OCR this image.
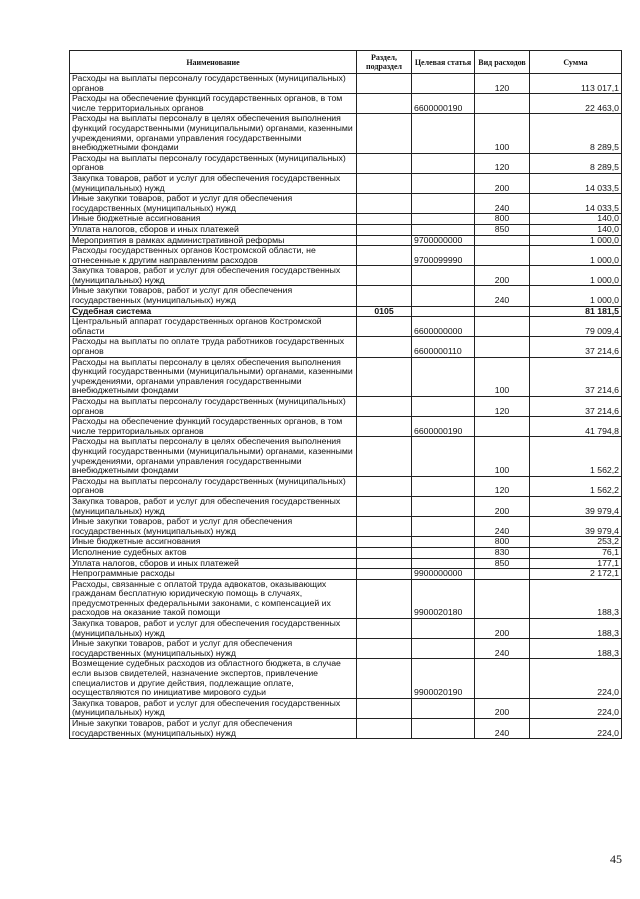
Наименование	Раздел, подраздел	Целевая статья	Вид расходов	Сумма
Расходы на выплаты персоналу государственных (муниципальных) органов			120	113 017,1
Расходы на обеспечение функций государственных органов, в том числе территориальных органов		6600000190		22 463,0
Расходы на выплаты персоналу в целях обеспечения выполнения функций государственными (муниципальными) органами, казенными учреждениями, органами управления государственными внебюджетными фондами			100	8 289,5
Расходы на выплаты персоналу государственных (муниципальных) органов			120	8 289,5
Закупка товаров, работ и услуг для обеспечения государственных (муниципальных) нужд			200	14 033,5
Иные закупки товаров, работ и услуг для обеспечения государственных (муниципальных) нужд			240	14 033,5
Иные бюджетные ассигнования			800	140,0
Уплата налогов, сборов и иных платежей			850	140,0
Мероприятия в рамках административной реформы		9700000000		1 000,0
Расходы государственных органов Костромской области, не отнесенные к другим направлениям расходов		9700099990		1 000,0
Закупка товаров, работ и услуг для обеспечения государственных (муниципальных) нужд			200	1 000,0
Иные закупки товаров, работ и услуг для обеспечения государственных (муниципальных) нужд			240	1 000,0
Судебная система	0105			81 181,5
Центральный аппарат государственных органов Костромской области		6600000000		79 009,4
Расходы на выплаты по оплате труда работников государственных органов		6600000110		37 214,6
Расходы на выплаты персоналу в целях обеспечения выполнения функций государственными (муниципальными) органами, казенными учреждениями, органами управления государственными внебюджетными фондами			100	37 214,6
Расходы на выплаты персоналу государственных (муниципальных) органов			120	37 214,6
Расходы на обеспечение функций государственных органов, в том числе территориальных органов		6600000190		41 794,8
Расходы на выплаты персоналу в целях обеспечения выполнения функций государственными (муниципальными) органами, казенными учреждениями, органами управления государственными внебюджетными фондами			100	1 562,2
Расходы на выплаты персоналу государственных (муниципальных) органов			120	1 562,2
Закупка товаров, работ и услуг для обеспечения государственных (муниципальных) нужд			200	39 979,4
Иные закупки товаров, работ и услуг для обеспечения государственных (муниципальных) нужд			240	39 979,4
Иные бюджетные ассигнования			800	253,2
Исполнение судебных актов			830	76,1
Уплата налогов, сборов и иных платежей			850	177,1
Непрограммные расходы		9900000000		2 172,1
Расходы, связанные с оплатой труда адвокатов, оказывающих гражданам бесплатную юридическую помощь в случаях, предусмотренных федеральными законами, с компенсацией их расходов на оказание такой помощи		9900020180		188,3
Закупка товаров, работ и услуг для обеспечения государственных (муниципальных) нужд			200	188,3
Иные закупки товаров, работ и услуг для обеспечения государственных (муниципальных) нужд			240	188,3
Возмещение судебных расходов из областного бюджета, в случае если вызов свидетелей, назначение экспертов, привлечение специалистов и другие действия, подлежащие оплате, осуществляются по инициативе мирового судьи		9900020190		224,0
Закупка товаров, работ и услуг для обеспечения государственных (муниципальных) нужд			200	224,0
Иные закупки товаров, работ и услуг для обеспечения государственных (муниципальных) нужд			240	224,0
45
